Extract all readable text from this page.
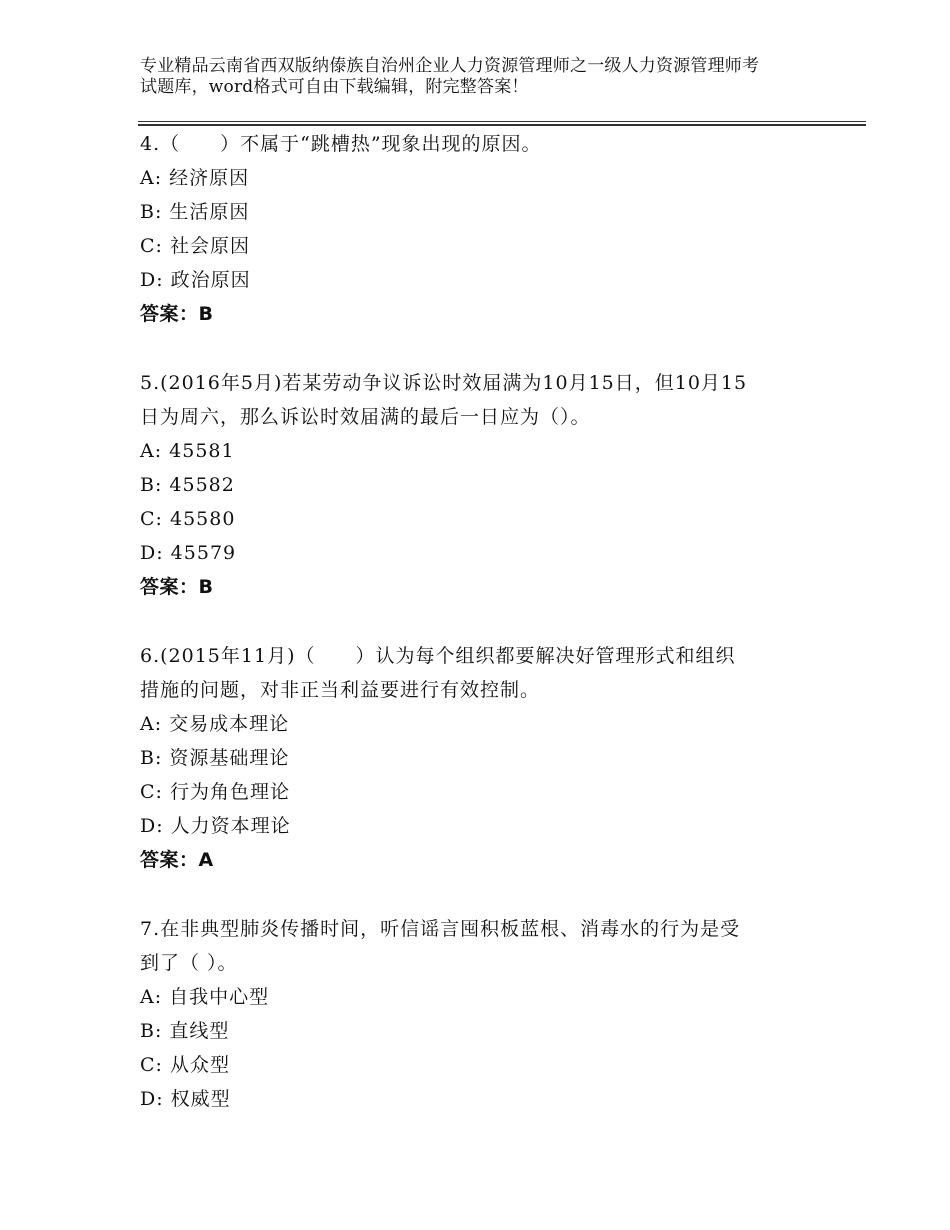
专业精品云南省西双版纳傣族自治州企业人力资源管理师之一级人力资源管理师考
试题库，word格式可自由下载编辑，附完整答案！
4.（　　）不属于“跳槽热”现象出现的原因。
A: 经济原因
B: 生活原因
C: 社会原因
D: 政治原因
答案：B
5.(2016年5月)若某劳动争议诉讼时效届满为10月15日，但10月15
日为周六，那么诉讼时效届满的最后一日应为（）。
A: 45581
B: 45582
C: 45580
D: 45579
答案：B
6.(2015年11月)（　　）认为每个组织都要解决好管理形式和组织
措施的问题，对非正当利益要进行有效控制。
A: 交易成本理论
B: 资源基础理论
C: 行为角色理论
D: 人力资本理论
答案：A
7.在非典型肺炎传播时间，听信谣言囤积板蓝根、消毒水的行为是受
到了（ ）。
A: 自我中心型
B: 直线型
C: 从众型
D: 权威型
